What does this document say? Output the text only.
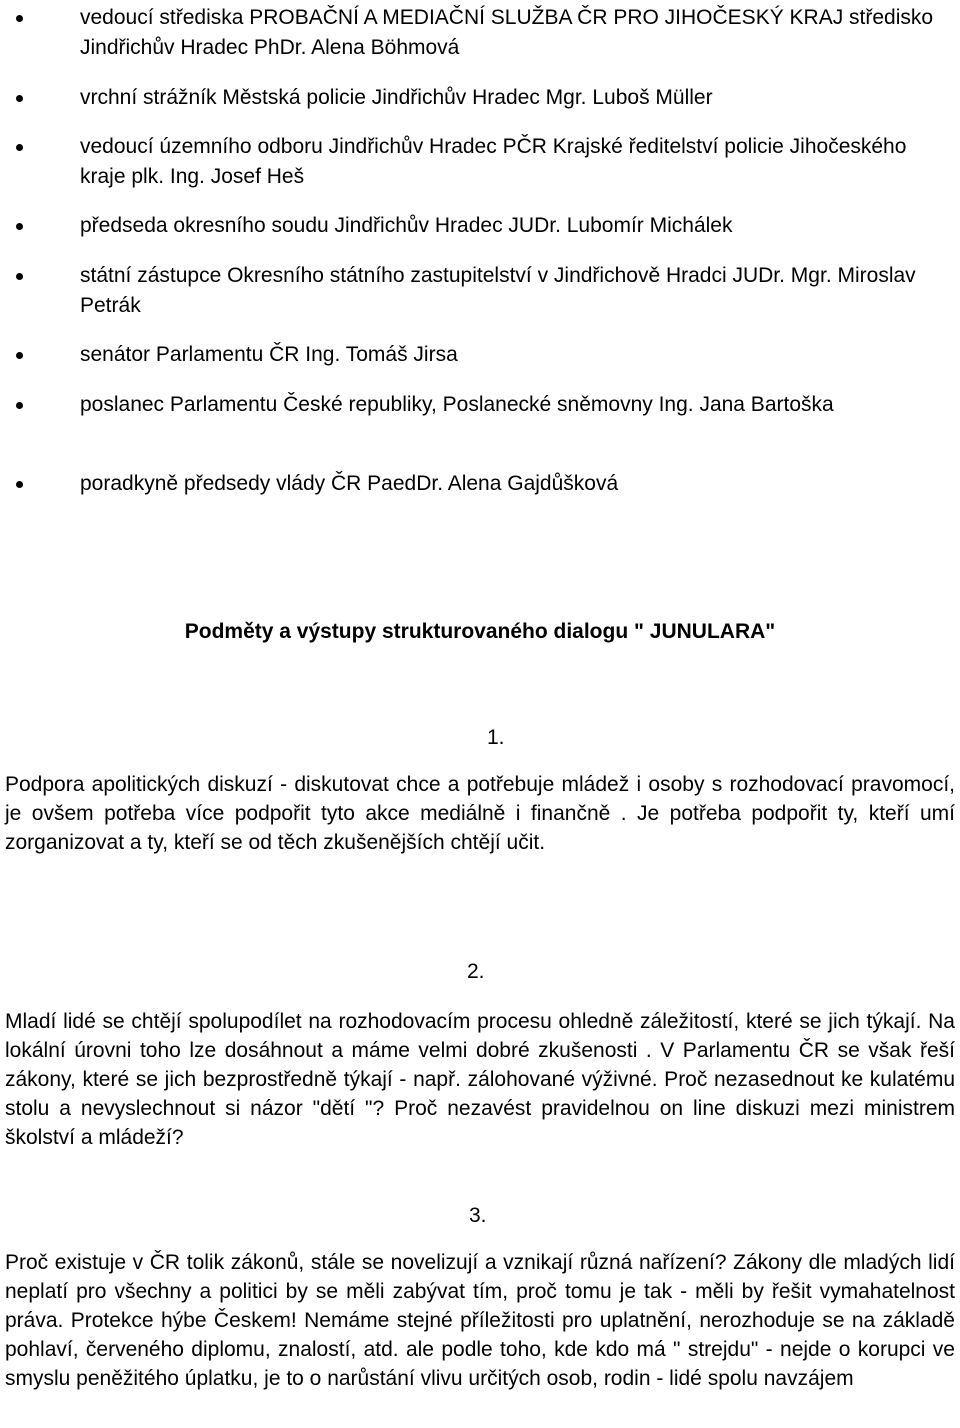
vedoucí střediska PROBAČNÍ A MEDIAČNÍ SLUŽBA ČR PRO JIHOČESKÝ KRAJ středisko Jindřichův Hradec PhDr. Alena Böhmová
vrchní strážník Městská policie Jindřichův Hradec Mgr. Luboš Müller
vedoucí územního odboru Jindřichův Hradec PČR Krajské ředitelství policie Jihočeského kraje plk. Ing. Josef Heš
předseda okresního soudu Jindřichův Hradec JUDr. Lubomír Michálek
státní zástupce Okresního státního zastupitelství v Jindřichově Hradci JUDr. Mgr. Miroslav Petrák
senátor Parlamentu ČR Ing. Tomáš Jirsa
poslanec Parlamentu České republiky, Poslanecké sněmovny Ing. Jana Bartoška
poradkyně předsedy vlády ČR PaedDr. Alena Gajdůšková
Podměty a výstupy strukturovaného dialogu " JUNULARA"
1.

Podpora apolitických diskuzí - diskutovat chce a potřebuje mládež i osoby s rozhodovací pravomocí, je ovšem potřeba více podpořit tyto akce mediálně i finančně . Je potřeba podpořit ty, kteří umí zorganizovat a ty, kteří se od těch zkušenějších chtějí učit.

2.

Mladí lidé se chtějí spolupodílet na rozhodovacím procesu ohledně záležitostí, které se jich týkají. Na lokální úrovni toho lze dosáhnout a máme velmi dobré zkušenosti . V Parlamentu ČR se však řeší zákony, které se jich bezprostředně týkají - např. zálohované výživné. Proč nezasednout ke kulatému stolu a nevyslechnout si názor "dětí "? Proč nezavést pravidelnou on line diskuzi mezi ministrem školství a mládeží?

3.

Proč existuje v ČR tolik zákonů, stále se novelizují a vznikají různá nařízení? Zákony dle mladých lidí neplatí pro všechny a politici by se měli zabývat tím, proč tomu je tak - měli by řešit vymahatelnost práva. Protekce hýbe Českem! Nemáme stejné příležitosti pro uplatnění, nerozhoduje se na základě pohlaví, červeného diplomu, znalostí, atd. ale podle toho, kde kdo má " strejdu" - nejde o korupci ve smyslu peněžitého úplatku, je to o narůstání vlivu určitých osob, rodin - lidé spolu navzájem
